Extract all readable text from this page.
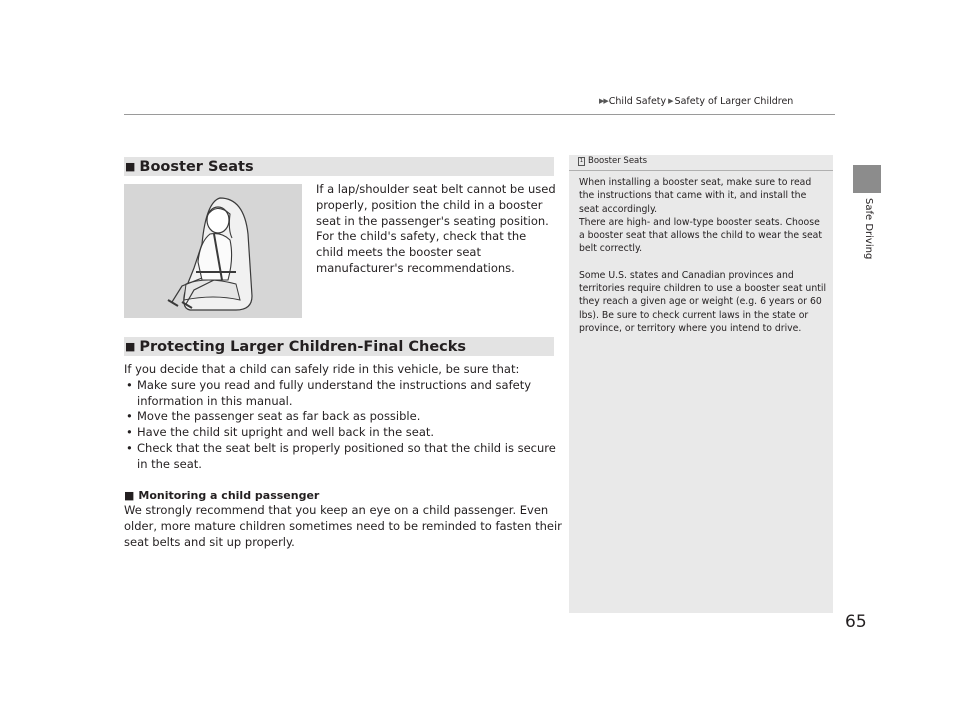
▶▶ Child Safety ▶ Safety of Larger Children
Safe Driving
■ Booster Seats
If a lap/shoulder seat belt cannot be used properly, position the child in a booster seat in the passenger's seating position. For the child's safety, check that the child meets the booster seat manufacturer's recommendations.
■ Protecting Larger Children-Final Checks

If you decide that a child can safely ride in this vehicle, be sure that:

• Make sure you read and fully understand the instructions and safety information in this manual.
• Move the passenger seat as far back as possible.
• Have the child sit upright and well back in the seat.
• Check that the seat belt is properly positioned so that the child is secure in the seat.

■ Monitoring a child passenger

We strongly recommend that you keep an eye on a child passenger. Even older, more mature children sometimes need to be reminded to fasten their seat belts and sit up properly.

1 Booster Seats

When installing a booster seat, make sure to read the instructions that came with it, and install the seat accordingly.

There are high- and low-type booster seats. Choose a booster seat that allows the child to wear the seat belt correctly.

Some U.S. states and Canadian provinces and territories require children to use a booster seat until they reach a given age or weight (e.g. 6 years or 60 lbs). Be sure to check current laws in the state or province, or territory where you intend to drive.

65
